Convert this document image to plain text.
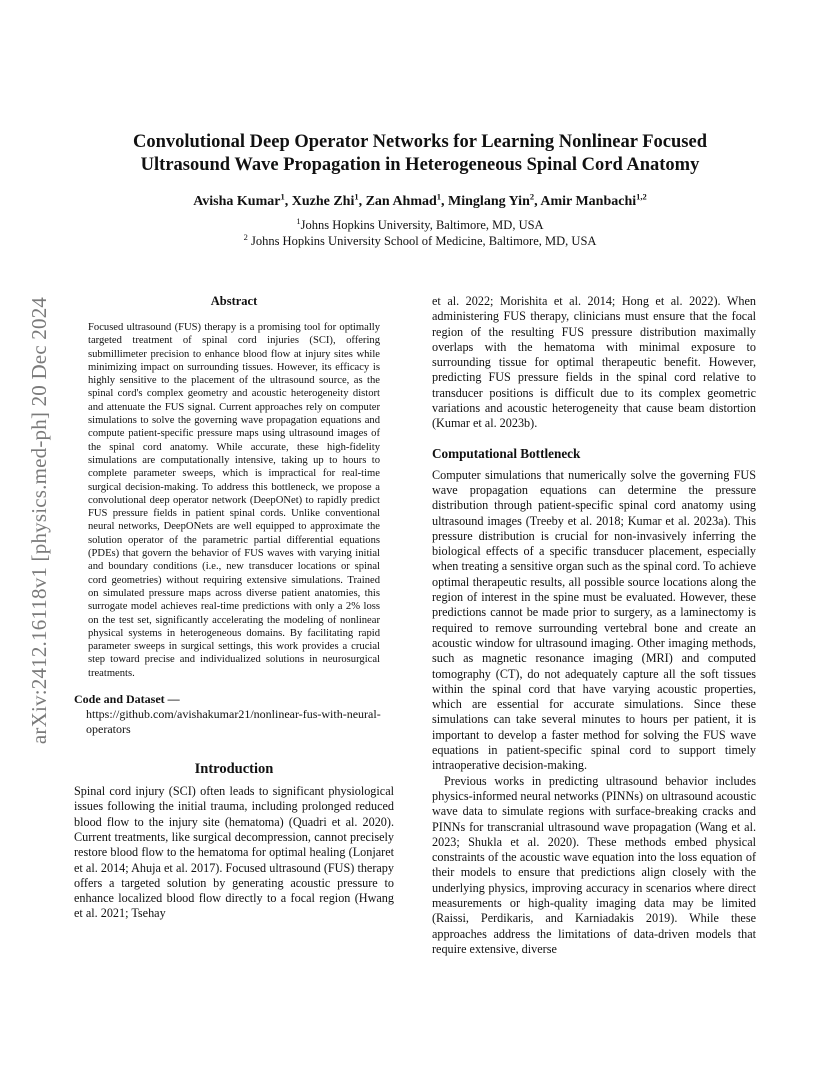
arXiv:2412.16118v1 [physics.med-ph] 20 Dec 2024
Convolutional Deep Operator Networks for Learning Nonlinear Focused
Ultrasound Wave Propagation in Heterogeneous Spinal Cord Anatomy
Avisha Kumar$^1$, Xuzhe Zhi$^1$, Zan Ahmad$^1$, Minglang Yin$^2$, Amir Manbachi$^{1,2}$
$^1$Johns Hopkins University, Baltimore, MD, USA
$^2$ Johns Hopkins University School of Medicine, Baltimore, MD, USA
Abstract

Focused ultrasound (FUS) therapy is a promising tool for optimally targeted treatment of spinal cord injuries (SCI), offering submillimeter precision to enhance blood flow at injury sites while minimizing impact on surrounding tissues. However, its efficacy is highly sensitive to the placement of the ultrasound source, as the spinal cord's complex geometry and acoustic heterogeneity distort and attenuate the FUS signal. Current approaches rely on computer simulations to solve the governing wave propagation equations and compute patient-specific pressure maps using ultrasound images of the spinal cord anatomy. While accurate, these high-fidelity simulations are computationally intensive, taking up to hours to complete parameter sweeps, which is impractical for real-time surgical decision-making. To address this bottleneck, we propose a convolutional deep operator network (DeepONet) to rapidly predict FUS pressure fields in patient spinal cords. Unlike conventional neural networks, DeepONets are well equipped to approximate the solution operator of the parametric partial differential equations (PDEs) that govern the behavior of FUS waves with varying initial and boundary conditions (i.e., new transducer locations or spinal cord geometries) without requiring extensive simulations. Trained on simulated pressure maps across diverse patient anatomies, this surrogate model achieves real-time predictions with only a 2% loss on the test set, significantly accelerating the modeling of nonlinear physical systems in heterogeneous domains. By facilitating rapid parameter sweeps in surgical settings, this work provides a crucial step toward precise and individualized solutions in neurosurgical treatments.

Code and Dataset —
https://github.com/avishakumar21/nonlinear-fus-with-neural-operators
Introduction

Spinal cord injury (SCI) often leads to significant physiological issues following the initial trauma, including prolonged reduced blood flow to the injury site (hematoma) (Quadri et al. 2020). Current treatments, like surgical decompression, cannot precisely restore blood flow to the hematoma for optimal healing (Lonjaret et al. 2014; Ahuja et al. 2017). Focused ultrasound (FUS) therapy offers a targeted solution by generating acoustic pressure to enhance localized blood flow directly to a focal region (Hwang et al. 2021; Tsehay

et al. 2022; Morishita et al. 2014; Hong et al. 2022). When administering FUS therapy, clinicians must ensure that the focal region of the resulting FUS pressure distribution maximally overlaps with the hematoma with minimal exposure to surrounding tissue for optimal therapeutic benefit. However, predicting FUS pressure fields in the spinal cord relative to transducer positions is difficult due to its complex geometric variations and acoustic heterogeneity that cause beam distortion (Kumar et al. 2023b).

Computational Bottleneck

Computer simulations that numerically solve the governing FUS wave propagation equations can determine the pressure distribution through patient-specific spinal cord anatomy using ultrasound images (Treeby et al. 2018; Kumar et al. 2023a). This pressure distribution is crucial for non-invasively inferring the biological effects of a specific transducer placement, especially when treating a sensitive organ such as the spinal cord. To achieve optimal therapeutic results, all possible source locations along the region of interest in the spine must be evaluated. However, these predictions cannot be made prior to surgery, as a laminectomy is required to remove surrounding vertebral bone and create an acoustic window for ultrasound imaging. Other imaging methods, such as magnetic resonance imaging (MRI) and computed tomography (CT), do not adequately capture all the soft tissues within the spinal cord that have varying acoustic properties, which are essential for accurate simulations. Since these simulations can take several minutes to hours per patient, it is important to develop a faster method for solving the FUS wave equations in patient-specific spinal cord to support timely intraoperative decision-making.

Previous works in predicting ultrasound behavior includes physics-informed neural networks (PINNs) on ultrasound acoustic wave data to simulate regions with surface-breaking cracks and PINNs for transcranial ultrasound wave propagation (Wang et al. 2023; Shukla et al. 2020). These methods embed physical constraints of the acoustic wave equation into the loss equation of their models to ensure that predictions align closely with the underlying physics, improving accuracy in scenarios where direct measurements or high-quality imaging data may be limited (Raissi, Perdikaris, and Karniadakis 2019). While these approaches address the limitations of data-driven models that require extensive, diverse
